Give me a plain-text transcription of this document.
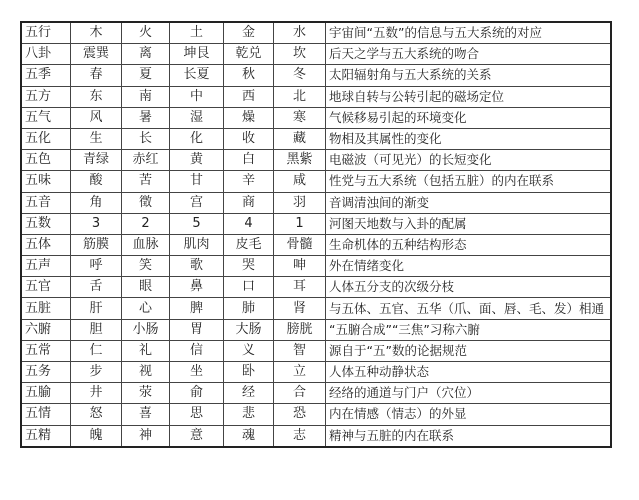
五行	木	火	土	金	水	宇宙间“五数”的信息与五大系统的对应
八卦	震巽	离	坤艮	乾兑	坎	后天之学与五大系统的吻合
五季	春	夏	长夏	秋	冬	太阳辐射角与五大系统的关系
五方	东	南	中	西	北	地球自转与公转引起的磁场定位
五气	风	暑	湿	燥	寒	气候移易引起的环境变化
五化	生	长	化	收	藏	物相及其属性的变化
五色	青绿	赤红	黄	白	黑紫	电磁波（可见光）的长短变化
五味	酸	苦	甘	辛	咸	性党与五大系统（包括五脏）的内在联系
五音	角	徵	宫	商	羽	音调清浊间的渐变
五数	3	2	5	4	1	河图天地数与入卦的配属
五体	筋膜	血脉	肌肉	皮毛	骨髓	生命机体的五种结构形态
五声	呼	笑	歌	哭	呻	外在情绪变化
五官	舌	眼	鼻	口	耳	人体五分支的次级分枝
五脏	肝	心	脾	肺	肾	与五体、五官、五华（爪、面、唇、毛、发）相通
六腑	胆	小肠	胃	大肠	膀胱	“五腑合成”“三焦”习称六腑
五常	仁	礼	信	义	智	源自于“五”数的论据规范
五务	步	视	坐	卧	立	人体五种动静状态
五腧	井	荥	俞	经	合	经络的通道与门户（穴位）
五情	怒	喜	思	悲	恐	内在情感（情志）的外显
五精	魄	神	意	魂	志	精神与五脏的内在联系
